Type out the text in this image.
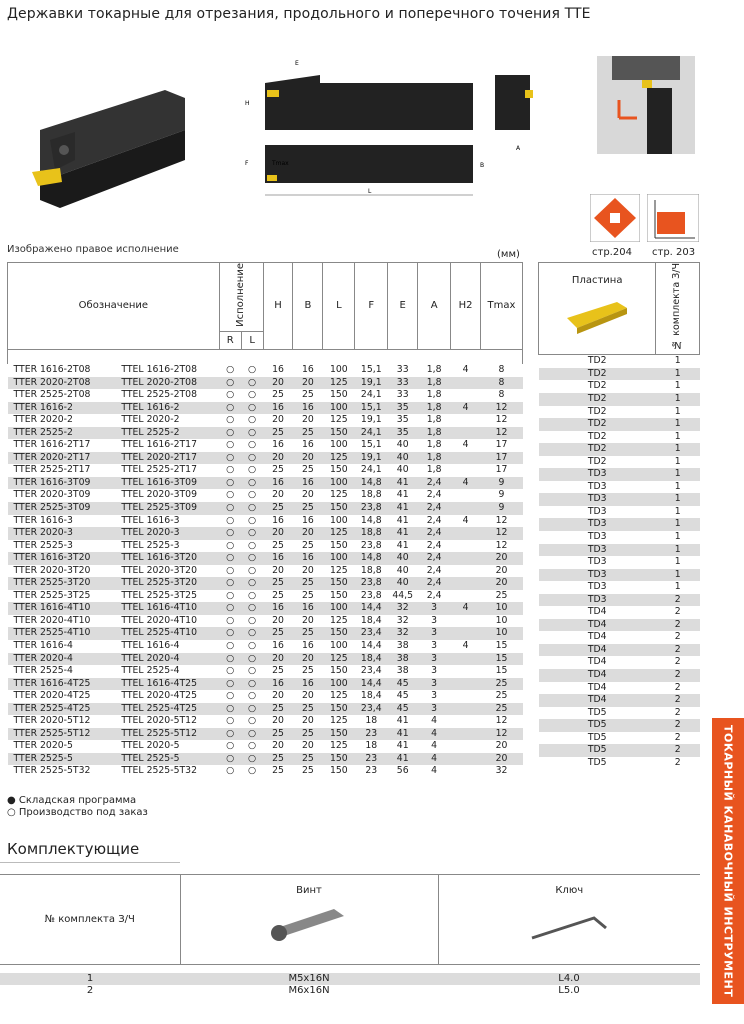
Державки токарные для отрезания, продольного и поперечного точения TTE
E
H
Tmax
F	B
L
A
стр.204 стр. 203
Изображено правое исполнение	(мм)
Обозначение		Исполнение		H	B	L	F	E	A	H2	Tmax
		R	L								

TTER 1616-2T08	TTEL 1616-2T08	○	○	16	16	100	15,1	33	1,8	4	8
TTER 2020-2T08	TTEL 2020-2T08	○	○	20	20	125	19,1	33	1,8		8
TTER 2525-2T08	TTEL 2525-2T08	○	○	25	25	150	24,1	33	1,8		8
TTER 1616-2	TTEL 1616-2	○	○	16	16	100	15,1	35	1,8	4	12
TTER 2020-2	TTEL 2020-2	○	○	20	20	125	19,1	35	1,8		12
TTER 2525-2	TTEL 2525-2	○	○	25	25	150	24,1	35	1,8		12
TTER 1616-2T17	TTEL 1616-2T17	○	○	16	16	100	15,1	40	1,8	4	17
TTER 2020-2T17	TTEL 2020-2T17	○	○	20	20	125	19,1	40	1,8		17
TTER 2525-2T17	TTEL 2525-2T17	○	○	25	25	150	24,1	40	1,8		17
TTER 1616-3T09	TTEL 1616-3T09	○	○	16	16	100	14,8	41	2,4	4	9
TTER 2020-3T09	TTEL 2020-3T09	○	○	20	20	125	18,8	41	2,4		9
TTER 2525-3T09	TTEL 2525-3T09	○	○	25	25	150	23,8	41	2,4		9
TTER 1616-3	TTEL 1616-3	○	○	16	16	100	14,8	41	2,4	4	12
TTER 2020-3	TTEL 2020-3	○	○	20	20	125	18,8	41	2,4		12
TTER 2525-3	TTEL 2525-3	○	○	25	25	150	23,8	41	2,4		12
TTER 1616-3T20	TTEL 1616-3T20	○	○	16	16	100	14,8	40	2,4		20
TTER 2020-3T20	TTEL 2020-3T20	○	○	20	20	125	18,8	40	2,4		20
TTER 2525-3T20	TTEL 2525-3T20	○	○	25	25	150	23,8	40	2,4		20
TTER 2525-3T25	TTEL 2525-3T25	○	○	25	25	150	23,8	44,5	2,4		25
TTER 1616-4T10	TTEL 1616-4T10	○	○	16	16	100	14,4	32	3	4	10
TTER 2020-4T10	TTEL 2020-4T10	○	○	20	20	125	18,4	32	3		10
TTER 2525-4T10	TTEL 2525-4T10	○	○	25	25	150	23,4	32	3		10
TTER 1616-4	TTEL 1616-4	○	○	16	16	100	14,4	38	3	4	15
TTER 2020-4	TTEL 2020-4	○	○	20	20	125	18,4	38	3		15
TTER 2525-4	TTEL 2525-4	○	○	25	25	150	23,4	38	3		15
TTER 1616-4T25	TTEL 1616-4T25	○	○	16	16	100	14,4	45	3		25
TTER 2020-4T25	TTEL 2020-4T25	○	○	20	20	125	18,4	45	3		25
TTER 2525-4T25	TTEL 2525-4T25	○	○	25	25	150	23,4	45	3		25
TTER 2020-5T12	TTEL 2020-5T12	○	○	20	20	125	18	41	4		12
TTER 2525-5T12	TTEL 2525-5T12	○	○	25	25	150	23	41	4		12
TTER 2020-5	TTEL 2020-5	○	○	20	20	125	18	41	4		20
TTER 2525-5	TTEL 2525-5	○	○	25	25	150	23	41	4		20
TTER 2525-5T32	TTEL 2525-5T32	○	○	25	25	150	23	56	4		32
Пластина	№ комплекта З/Ч
TD2	1
TD2	1
TD2	1
TD2	1
TD2	1
TD2	1
TD2	1
TD2	1
TD2	1
TD3	1
TD3	1
TD3	1
TD3	1
TD3	1
TD3	1
TD3	1
TD3	1
TD3	1
TD3	1
TD3	2
TD4	2
TD4	2
TD4	2
TD4	2
TD4	2
TD4	2
TD4	2
TD4	2
TD5	2
TD5	2
TD5	2
TD5	2
TD5	2
● Складская программа
○ Производство под заказ
Комплектующие
№ комплекта З/Ч	Винт	Ключ

1	M5x16N	L4.0
2	M6x16N	L5.0	ТОКАРНЫЙ КАНАВОЧНЫЙ ИНСТРУМЕНТ
